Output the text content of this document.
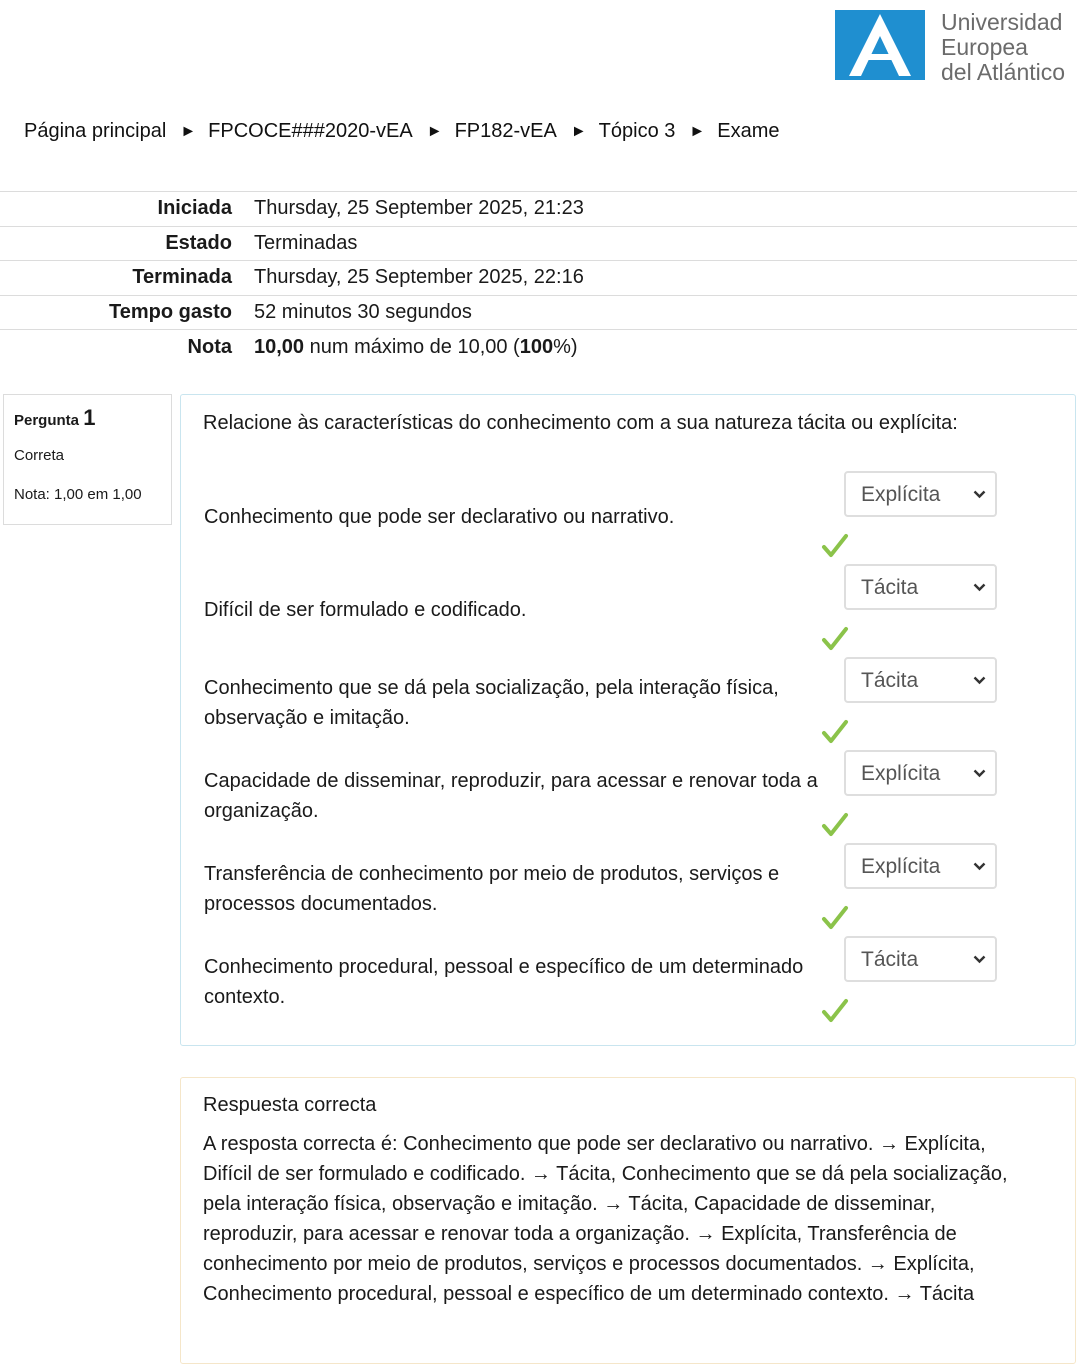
Universidad
Europea
del Atlántico
Página principal ► FPCOCE###2020-vEA ► FP182-vEA ► Tópico 3 ► Exame
Iniciada	Thursday, 25 September 2025, 21:23
Estado	Terminadas
Terminada	Thursday, 25 September 2025, 22:16
Tempo gasto	52 minutos 30 segundos
Nota	10,00 num máximo de 10,00 (100%)
Pergunta 1
Correta
Nota: 1,00 em 1,00
Relacione às características do conhecimento com a sua natureza tácita ou explícita:
Conhecimento que pode ser declarativo ou narrativo.
Explícita
Difícil de ser formulado e codificado.
Tácita
Conhecimento que se dá pela socialização, pela interação física, observação e imitação.
Tácita
Capacidade de disseminar, reproduzir, para acessar e renovar toda a organização.
Explícita
Transferência de conhecimento por meio de produtos, serviços e processos documentados.
Explícita
Conhecimento procedural, pessoal e específico de um determinado contexto.
Tácita
Respuesta correcta
A resposta correcta é: Conhecimento que pode ser declarativo ou narrativo. → Explícita, Difícil de ser formulado e codificado. → Tácita, Conhecimento que se dá pela socialização, pela interação física, observação e imitação. → Tácita, Capacidade de disseminar, reproduzir, para acessar e renovar toda a organização. → Explícita, Transferência de conhecimento por meio de produtos, serviços e processos documentados. → Explícita, Conhecimento procedural, pessoal e específico de um determinado contexto. → Tácita
